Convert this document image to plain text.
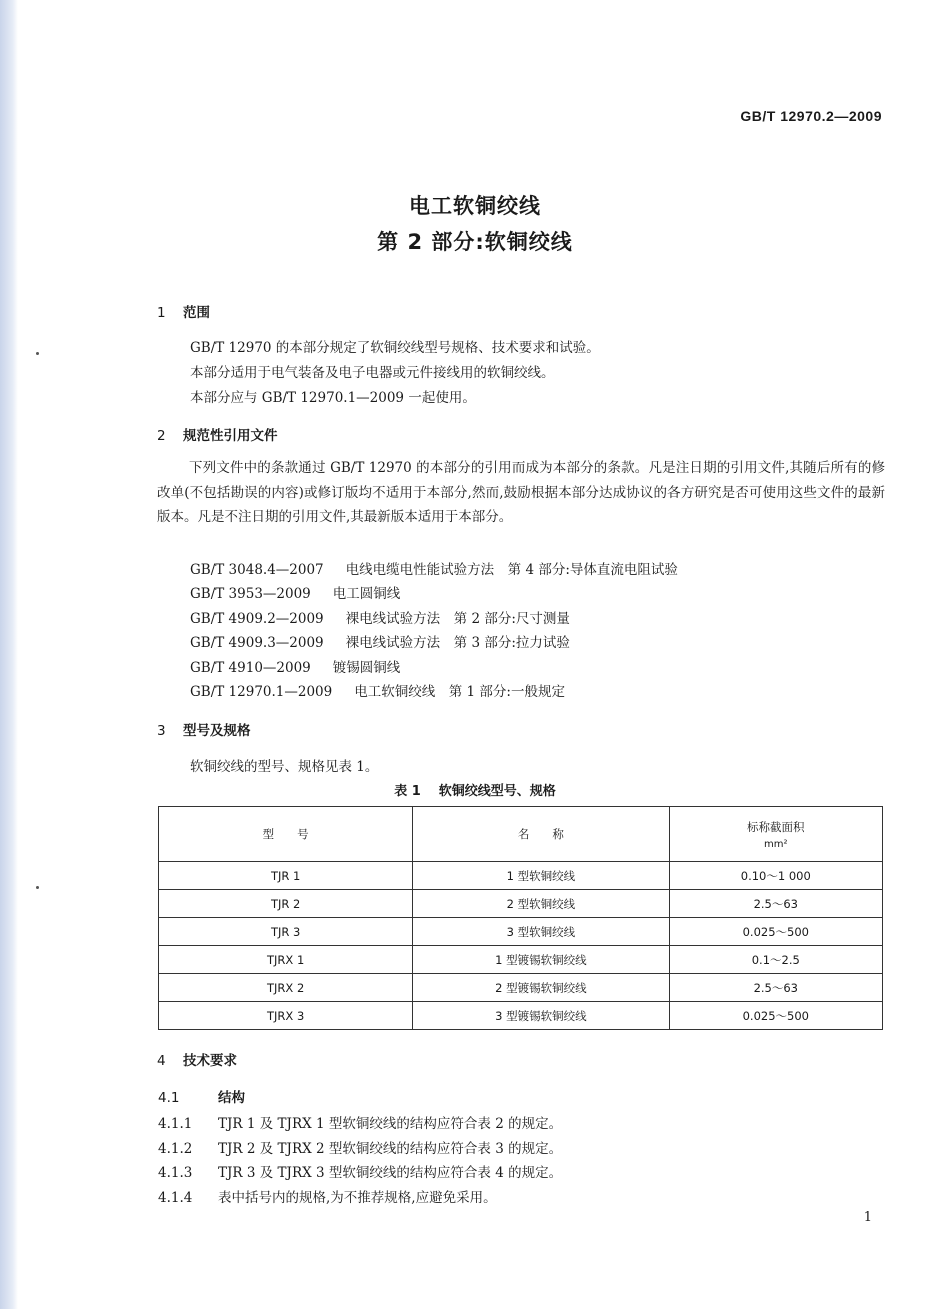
GB/T 12970.2—2009
电工软铜绞线
第 2 部分:软铜绞线
1 范围
GB/T 12970 的本部分规定了软铜绞线型号规格、技术要求和试验。
本部分适用于电气装备及电子电器或元件接线用的软铜绞线。
本部分应与 GB/T 12970.1—2009 一起使用。
2 规范性引用文件
下列文件中的条款通过 GB/T 12970 的本部分的引用而成为本部分的条款。凡是注日期的引用文件,其随后所有的修改单(不包括勘误的内容)或修订版均不适用于本部分,然而,鼓励根据本部分达成协议的各方研究是否可使用这些文件的最新版本。凡是不注日期的引用文件,其最新版本适用于本部分。
GB/T 3048.4—2007 电线电缆电性能试验方法　第 4 部分:导体直流电阻试验
GB/T 3953—2009 电工圆铜线
GB/T 4909.2—2009 裸电线试验方法　第 2 部分:尺寸测量
GB/T 4909.3—2009 裸电线试验方法　第 3 部分:拉力试验
GB/T 4910—2009 镀锡圆铜线
GB/T 12970.1—2009 电工软铜绞线　第 1 部分:一般规定
3 型号及规格
软铜绞线的型号、规格见表 1。
表 1 软铜绞线型号、规格
型　　号	名　　称	标称截面积
mm²

TJR 1	1 型软铜绞线	0.10～1 000
TJR 2	2 型软铜绞线	2.5～63
TJR 3	3 型软铜绞线	0.025～500
TJRX 1	1 型镀锡软铜绞线	0.1～2.5
TJRX 2	2 型镀锡软铜绞线	2.5～63
TJRX 3	3 型镀锡软铜绞线	0.025～500
4 技术要求
4.1	结构
4.1.1 TJR 1 及 TJRX 1 型软铜绞线的结构应符合表 2 的规定。
4.1.2 TJR 2 及 TJRX 2 型软铜绞线的结构应符合表 3 的规定。
4.1.3 TJR 3 及 TJRX 3 型软铜绞线的结构应符合表 4 的规定。
4.1.4 表中括号内的规格,为不推荐规格,应避免采用。
1
